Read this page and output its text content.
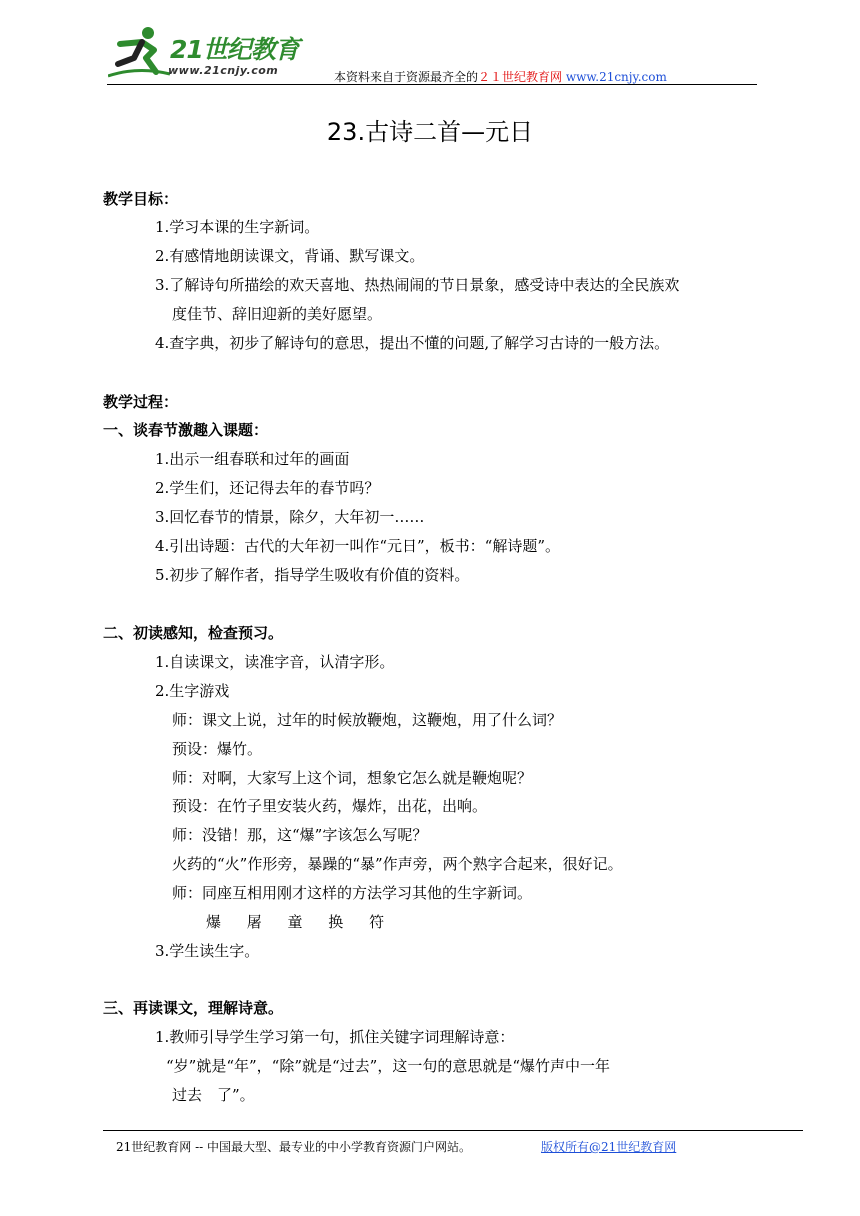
21世纪教育
www.21cnjy.com	本资料来自于资源最齐全的２１世纪教育网 www.21cnjy.com
23.古诗二首—元日
教学目标：
1.学习本课的生字新词。
2.有感情地朗读课文，背诵、默写课文。
3.了解诗句所描绘的欢天喜地、热热闹闹的节日景象，感受诗中表达的全民族欢
度佳节、辞旧迎新的美好愿望。
4.查字典，初步了解诗句的意思，提出不懂的问题,了解学习古诗的一般方法。
教学过程：
一、谈春节激趣入课题：
1.出示一组春联和过年的画面
2.学生们，还记得去年的春节吗？
3.回忆春节的情景，除夕，大年初一……
4.引出诗题：古代的大年初一叫作“元日”，板书：“解诗题”。
5.初步了解作者，指导学生吸收有价值的资料。
二、初读感知，检查预习。
1.自读课文，读准字音，认清字形。
2.生字游戏
师：课文上说，过年的时候放鞭炮，这鞭炮，用了什么词？
预设：爆竹。
师：对啊，大家写上这个词，想象它怎么就是鞭炮呢？
预设：在竹子里安装火药，爆炸，出花，出响。
师：没错！那，这“爆”字该怎么写呢？
火药的“火”作形旁，暴躁的“暴”作声旁，两个熟字合起来，很好记。
师：同座互相用刚才这样的方法学习其他的生字新词。
爆　 屠　 童　 换　 符
3.学生读生字。
三、再读课文，理解诗意。
1.教师引导学生学习第一句，抓住关键字词理解诗意：
“岁”就是“年”，“除”就是“过去”，这一句的意思就是“爆竹声中一年
过去　了”。
21世纪教育网 -- 中国最大型、最专业的中小学教育资源门户网站。	版权所有@21世纪教育网
